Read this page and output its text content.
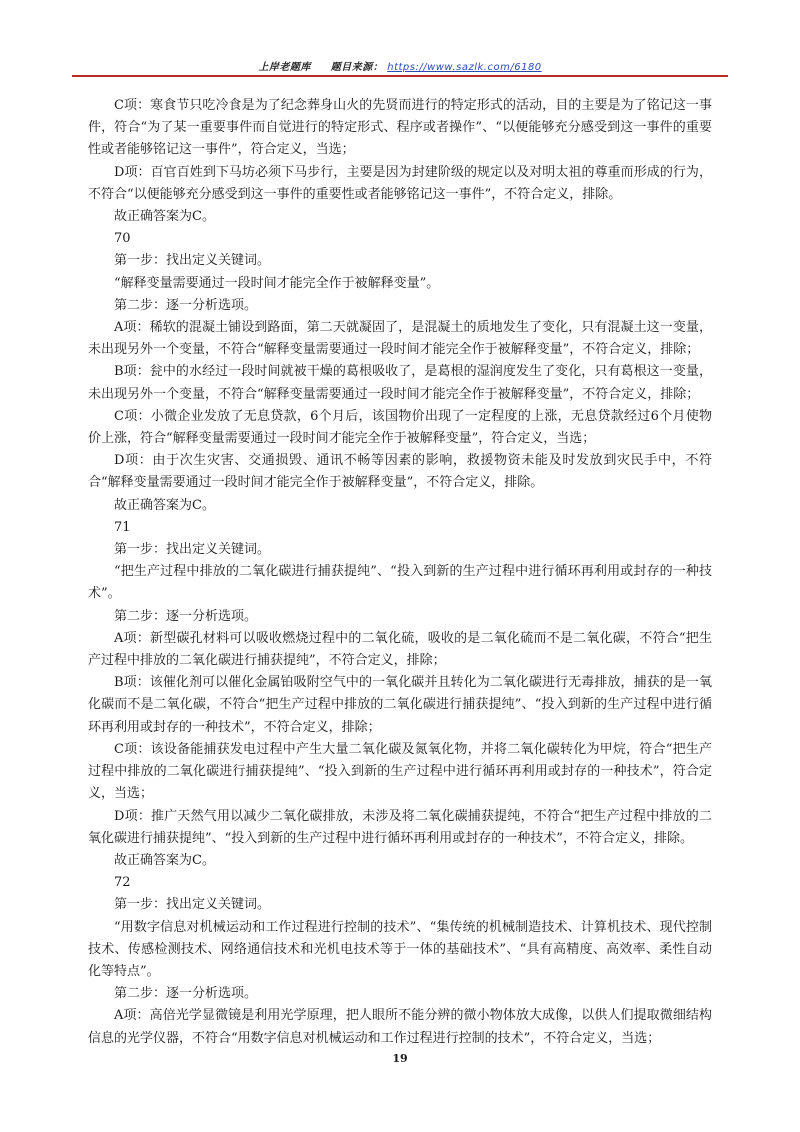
上岸老题库 题目来源： https://www.sazlk.com/6180

C项：寒食节只吃冷食是为了纪念葬身山火的先贤而进行的特定形式的活动，目的主要是为了铭记这一事件，符合“为了某一重要事件而自觉进行的特定形式、程序或者操作”、“以便能够充分感受到这一事件的重要性或者能够铭记这一事件”，符合定义，当选；

D项：百官百姓到下马坊必须下马步行，主要是因为封建阶级的规定以及对明太祖的尊重而形成的行为，不符合“以便能够充分感受到这一事件的重要性或者能够铭记这一事件”，不符合定义，排除。

故正确答案为C。

70

第一步：找出定义关键词。

“解释变量需要通过一段时间才能完全作于被解释变量”。

第二步：逐一分析选项。

A项：稀软的混凝土铺设到路面，第二天就凝固了，是混凝土的质地发生了变化，只有混凝土这一变量，未出现另外一个变量，不符合“解释变量需要通过一段时间才能完全作于被解释变量”，不符合定义，排除；

B项：瓮中的水经过一段时间就被干燥的葛根吸收了，是葛根的湿润度发生了变化，只有葛根这一变量，未出现另外一个变量，不符合“解释变量需要通过一段时间才能完全作于被解释变量”，不符合定义，排除；

C项：小微企业发放了无息贷款，6个月后，该国物价出现了一定程度的上涨，无息贷款经过6个月使物价上涨，符合“解释变量需要通过一段时间才能完全作于被解释变量”，符合定义，当选；

D项：由于次生灾害、交通损毁、通讯不畅等因素的影响，救援物资未能及时发放到灾民手中，不符合“解释变量需要通过一段时间才能完全作于被解释变量”，不符合定义，排除。

故正确答案为C。

71

第一步：找出定义关键词。

“把生产过程中排放的二氧化碳进行捕获提纯”、“投入到新的生产过程中进行循环再利用或封存的一种技术”。

第二步：逐一分析选项。

A项：新型碳孔材料可以吸收燃烧过程中的二氧化硫，吸收的是二氧化硫而不是二氧化碳，不符合“把生产过程中排放的二氧化碳进行捕获提纯”，不符合定义，排除；

B项：该催化剂可以催化金属铂吸附空气中的一氧化碳并且转化为二氧化碳进行无毒排放，捕获的是一氧化碳而不是二氧化碳，不符合“把生产过程中排放的二氧化碳进行捕获提纯”、“投入到新的生产过程中进行循环再利用或封存的一种技术”，不符合定义，排除；

C项：该设备能捕获发电过程中产生大量二氧化碳及氮氧化物，并将二氧化碳转化为甲烷，符合“把生产过程中排放的二氧化碳进行捕获提纯”、“投入到新的生产过程中进行循环再利用或封存的一种技术”，符合定义，当选；

D项：推广天然气用以减少二氧化碳排放，未涉及将二氧化碳捕获提纯，不符合“把生产过程中排放的二氧化碳进行捕获提纯”、“投入到新的生产过程中进行循环再利用或封存的一种技术”，不符合定义，排除。

故正确答案为C。

72

第一步：找出定义关键词。

“用数字信息对机械运动和工作过程进行控制的技术”、“集传统的机械制造技术、计算机技术、现代控制技术、传感检测技术、网络通信技术和光机电技术等于一体的基础技术”、“具有高精度、高效率、柔性自动化等特点”。

第二步：逐一分析选项。

A项：高倍光学显微镜是利用光学原理，把人眼所不能分辨的微小物体放大成像，以供人们提取微细结构信息的光学仪器，不符合“用数字信息对机械运动和工作过程进行控制的技术”，不符合定义，当选；

19
